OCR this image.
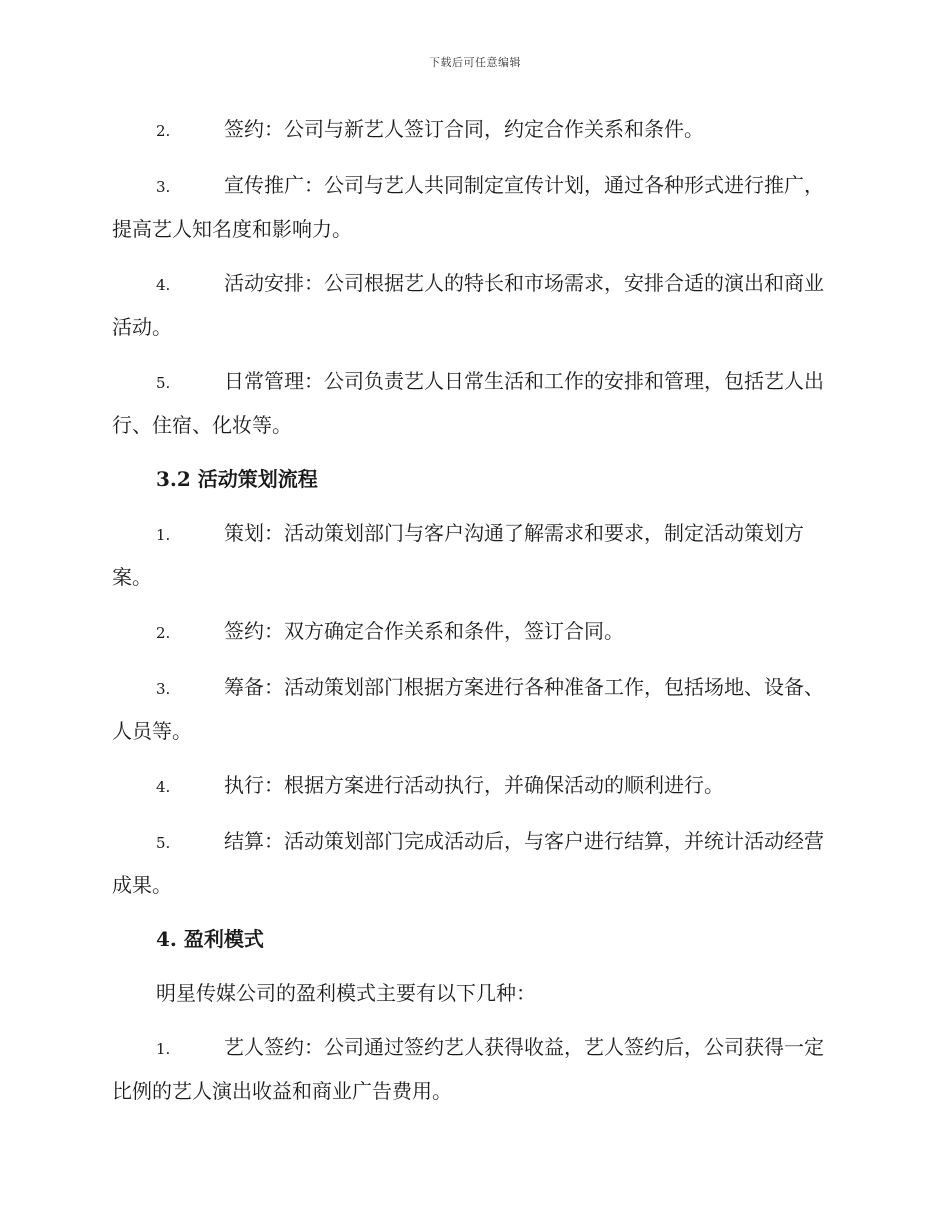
下载后可任意编辑
2.	签约：公司与新艺人签订合同，约定合作关系和条件。
3.	宣传推广：公司与艺人共同制定宣传计划，通过各种形式进行推广，提高艺人知名度和影响力。
4.	活动安排：公司根据艺人的特长和市场需求，安排合适的演出和商业活动。
5.	日常管理：公司负责艺人日常生活和工作的安排和管理，包括艺人出行、住宿、化妆等。
3.2 活动策划流程
1.	策划：活动策划部门与客户沟通了解需求和要求，制定活动策划方案。
2.	签约：双方确定合作关系和条件，签订合同。
3.	筹备：活动策划部门根据方案进行各种准备工作，包括场地、设备、人员等。
4.	执行：根据方案进行活动执行，并确保活动的顺利进行。
5.	结算：活动策划部门完成活动后，与客户进行结算，并统计活动经营成果。
4. 盈利模式
明星传媒公司的盈利模式主要有以下几种：
1.	艺人签约：公司通过签约艺人获得收益，艺人签约后，公司获得一定比例的艺人演出收益和商业广告费用。
